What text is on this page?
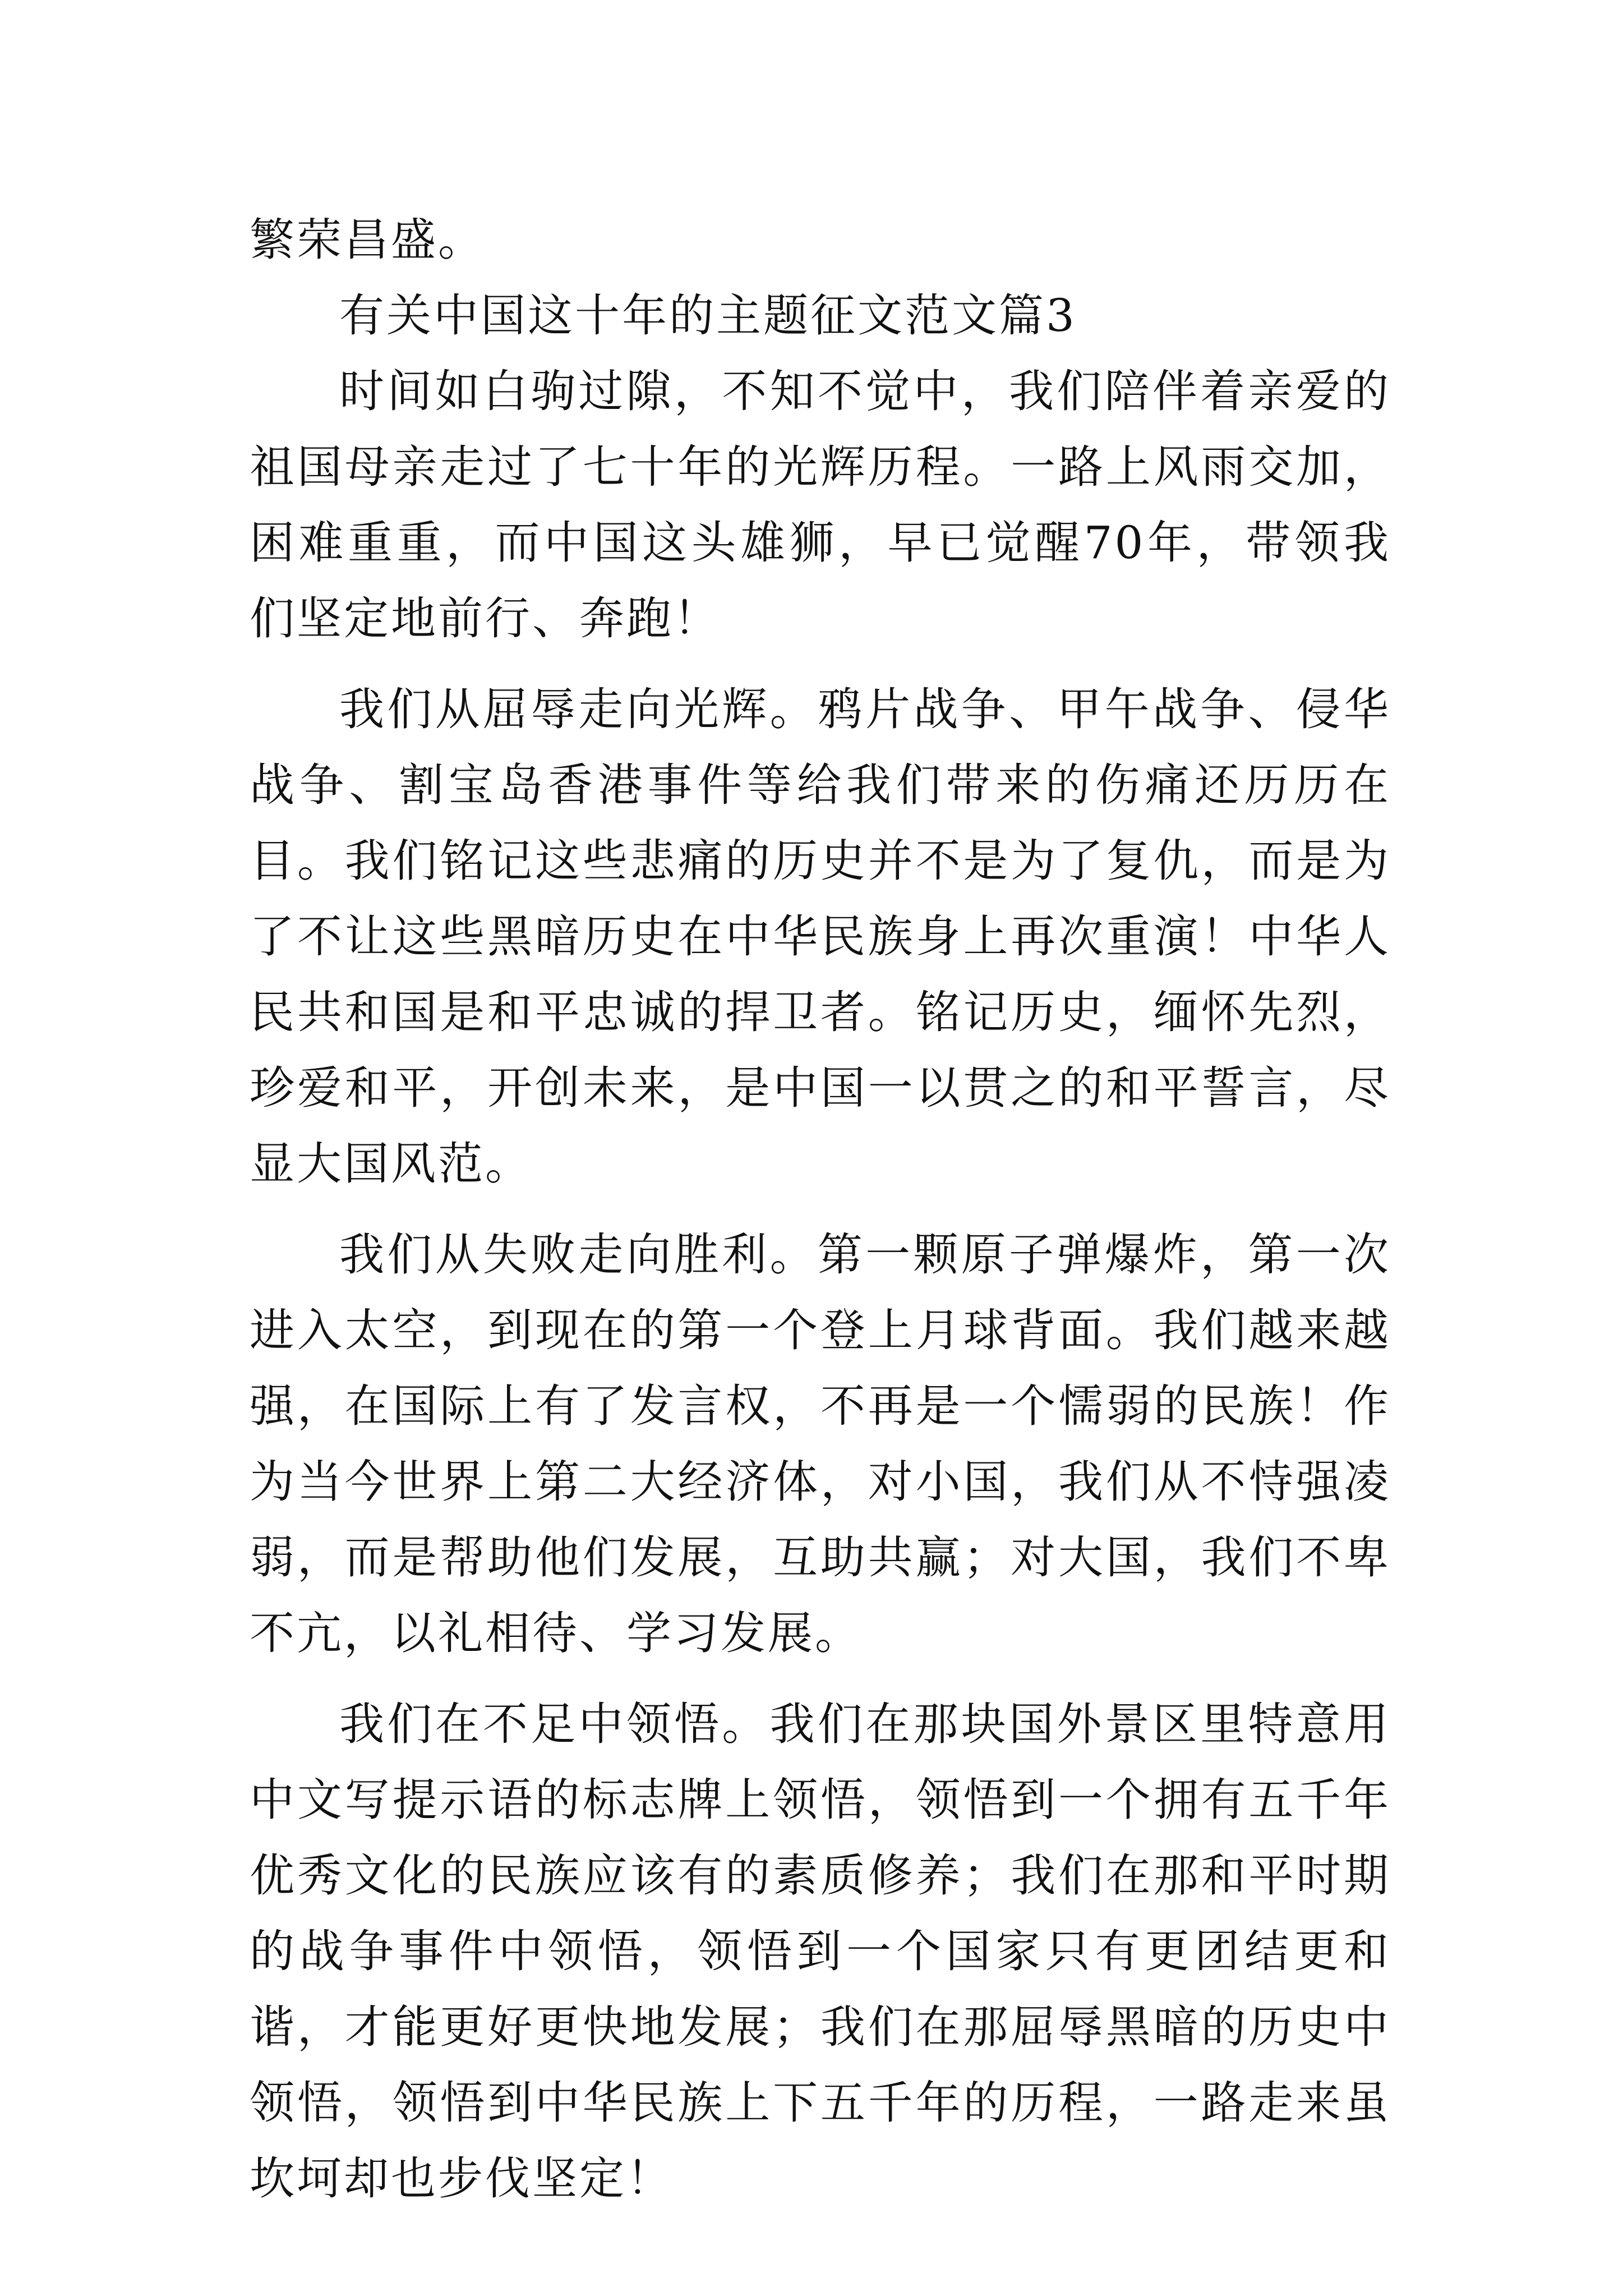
繁荣昌盛。

有关中国这十年的主题征文范文篇3

时间如白驹过隙，不知不觉中，我们陪伴着亲爱的祖国母亲走过了七十年的光辉历程。一路上风雨交加，困难重重，而中国这头雄狮，早已觉醒70年，带领我们坚定地前行、奔跑！

我们从屈辱走向光辉。鸦片战争、甲午战争、侵华战争、割宝岛香港事件等给我们带来的伤痛还历历在目。我们铭记这些悲痛的历史并不是为了复仇，而是为了不让这些黑暗历史在中华民族身上再次重演！中华人民共和国是和平忠诚的捍卫者。铭记历史，缅怀先烈，珍爱和平，开创未来，是中国一以贯之的和平誓言，尽显大国风范。

我们从失败走向胜利。第一颗原子弹爆炸，第一次进入太空，到现在的第一个登上月球背面。我们越来越强，在国际上有了发言权，不再是一个懦弱的民族！作为当今世界上第二大经济体，对小国，我们从不恃强凌弱，而是帮助他们发展，互助共赢；对大国，我们不卑不亢，以礼相待、学习发展。

我们在不足中领悟。我们在那块国外景区里特意用中文写提示语的标志牌上领悟，领悟到一个拥有五千年优秀文化的民族应该有的素质修养；我们在那和平时期的战争事件中领悟，领悟到一个国家只有更团结更和谐，才能更好更快地发展；我们在那屈辱黑暗的历史中领悟，领悟到中华民族上下五千年的历程，一路走来虽坎坷却也步伐坚定！
